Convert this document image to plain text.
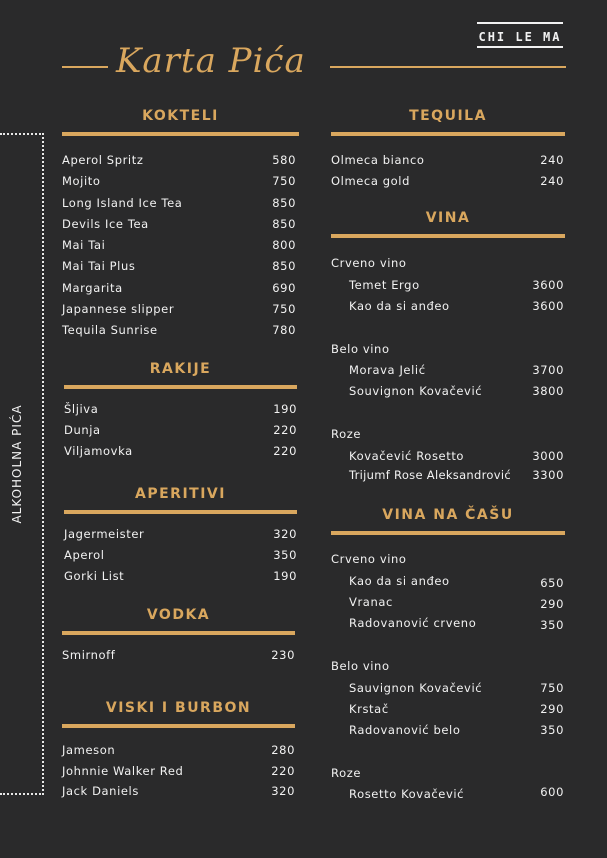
Karta Pića
CHI LE MA
ALKOHOLNA PIĆA
KOKTELI
Aperol Spritz	580
Mojito	750
Long Island Ice Tea	850
Devils Ice Tea	850
Mai Tai	800
Mai Tai Plus	850
Margarita	690
Japannese slipper	750
Tequila Sunrise	780
RAKIJE
Šljiva	190
Dunja	220
Viljamovka	220
APERITIVI
Jagermeister	320
Aperol	350
Gorki List	190
VODKA
Smirnoff	230
VISKI I BURBON
Jameson	280
Johnnie Walker Red	220
Jack Daniels	320
TEQUILA
Olmeca bianco	240
Olmeca gold	240
VINA
Crveno vino
Temet Ergo	3600
Kao da si anđeo	3600
Belo vino
Morava Jelić	3700
Souvignon Kovačević	3800
Roze
Kovačević Rosetto	3000
Trijumf Rose Aleksandrović 3300
VINA NA ČAŠU
Crveno vino
Kao da si anđeo	650
Vranac	290
Radovanović crveno	350
Belo vino
Sauvignon Kovačević	750
Krstač	290
Radovanović belo	350
Roze
Rosetto Kovačević	600
